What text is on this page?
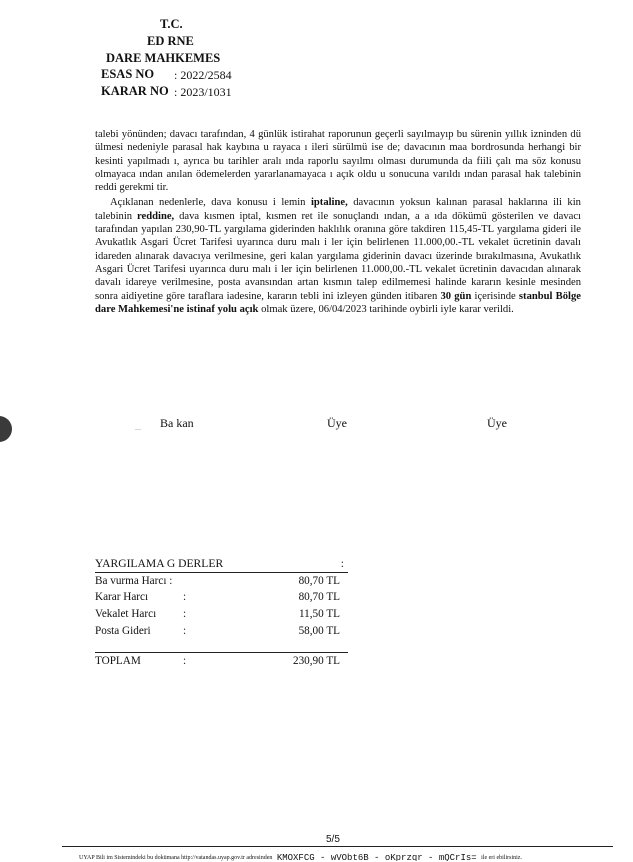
T.C.
ED RNE
DARE MAHKEMES
ESAS NO : 2022/2584
KARAR NO : 2023/1031

talebi yönünden; davacı tarafından, 4 günlük istirahat raporunun geçerli sayılmayıp bu sürenin yıllık izninden dü ülmesi nedeniyle parasal hak kaybına u rayaca ı ileri sürülmü ise de; davacının maa bordrosunda herhangi bir kesinti yapılmadı ı, ayrıca bu tarihler aralı ında raporlu sayılmı olması durumunda da fiili çalı ma söz konusu olmayaca ından anılan ödemelerden yararlanamayaca ı açık oldu u sonucuna varıldı ından parasal hak talebinin reddi gerekmi tir.

Açıklanan nedenlerle, dava konusu i lemin iptaline, davacının yoksun kalınan parasal haklarına ili kin talebinin reddine, dava kısmen iptal, kısmen ret ile sonuçlandı ından, a a ıda dökümü gösterilen ve davacı tarafından yapılan 230,90-TL yargılama giderinden haklılık oranına göre takdiren 115,45-TL yargılama gideri ile Avukatlık Asgari Ücret Tarifesi uyarınca duru malı i ler için belirlenen 11.000,00.-TL vekalet ücretinin davalı idareden alınarak davacıya verilmesine, geri kalan yargılama giderinin davacı üzerinde bırakılmasına, Avukatlık Asgari Ücret Tarifesi uyarınca duru malı i ler için belirlenen 11.000,00.-TL vekalet ücretinin davacıdan alınarak davalı idareye verilmesine, posta avansından artan kısmın talep edilmemesi halinde kararın kesinle mesinden sonra aidiyetine göre taraflara iadesine, kararın tebli ini izleyen günden itibaren 30 gün içerisinde stanbul Bölge dare Mahkemesi'ne istinaf yolu açık olmak üzere, 06/04/2023 tarihinde oybirli iyle karar verildi.

_ Ba kan	Üye	Üye
YARGILAMA G DERLER	:
Ba vurma Harcı :	80,70 TL
Karar Harcı	:	80,70 TL
Vekalet Harcı :	11,50 TL
Posta Gideri	:	58,00 TL
TOPLAM	:	230,90 TL
5/5
UYAP Bili im Sistemindeki bu dokümana http://vatandas.uyap.gov.tr adresinden KMOXFCG - wVObt6B - oKprzqr - mQCrIs= ile eri ebilirsiniz.
